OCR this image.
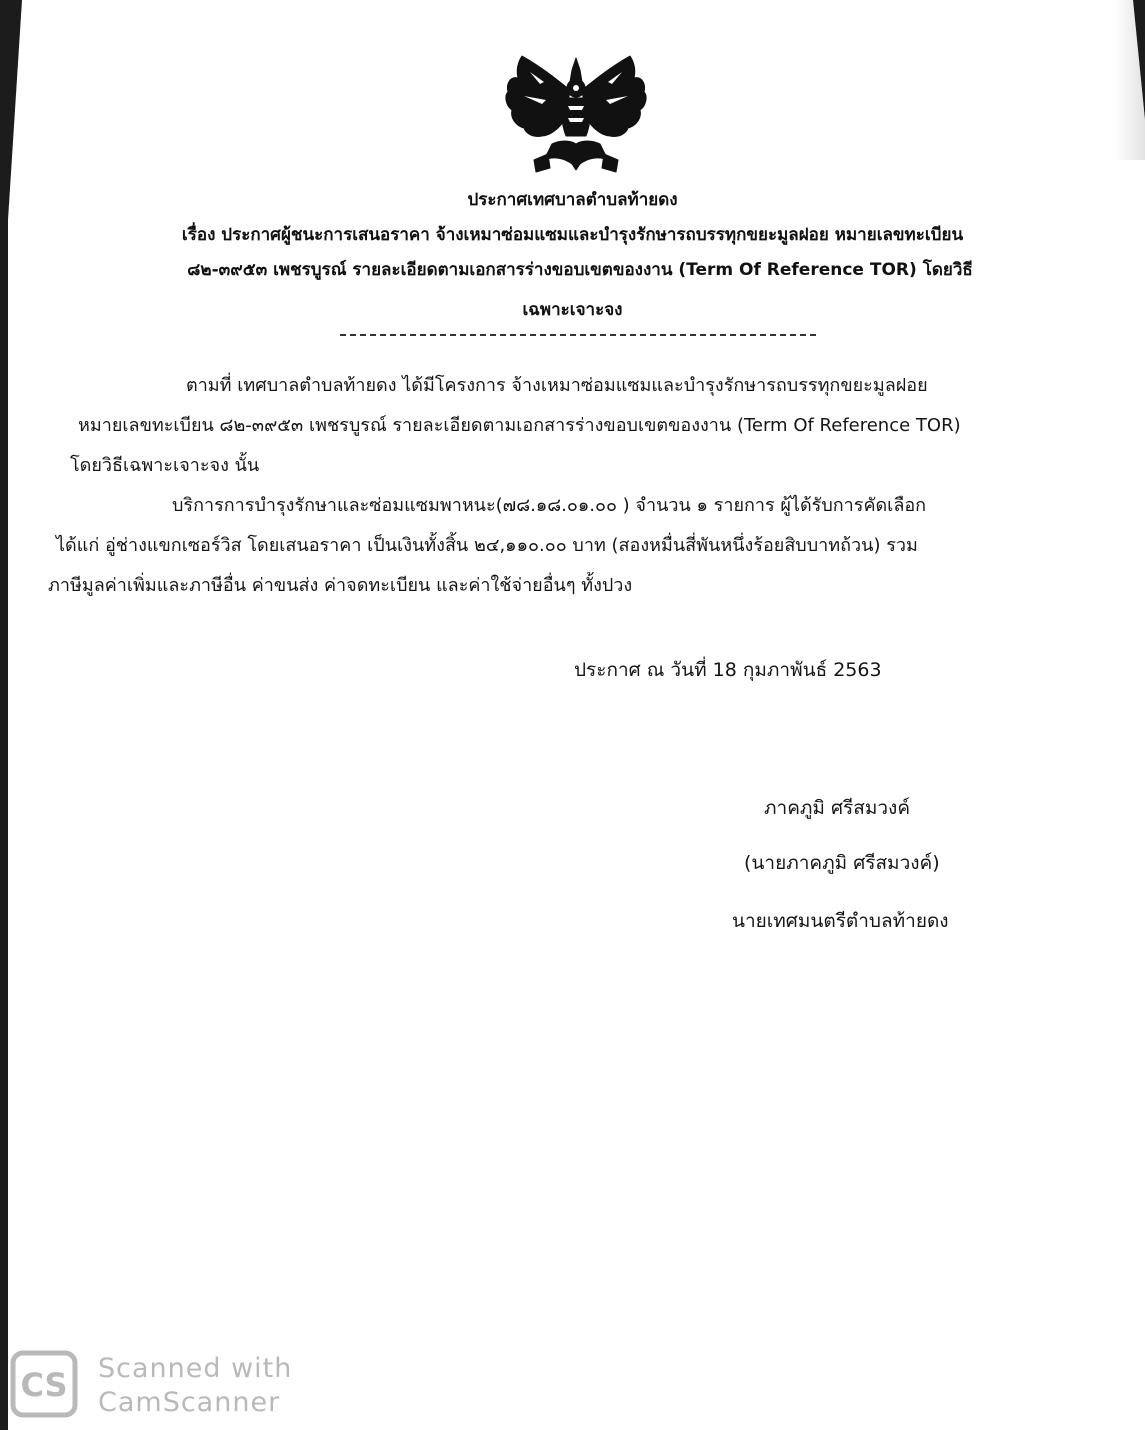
ประกาศเทศบาลตำบลท้ายดง
เรื่อง ประกาศผู้ชนะการเสนอราคา จ้างเหมาซ่อมแซมและบำรุงรักษารถบรรทุกขยะมูลฝอย หมายเลขทะเบียน
๘๒-๓๙๕๓ เพชรบูรณ์ รายละเอียดตามเอกสารร่างขอบเขตของงาน (Term Of Reference TOR) โดยวิธี
เฉพาะเจาะจง
ตามที่ เทศบาลตำบลท้ายดง ได้มีโครงการ จ้างเหมาซ่อมแซมและบำรุงรักษารถบรรทุกขยะมูลฝอย
หมายเลขทะเบียน ๘๒-๓๙๕๓ เพชรบูรณ์ รายละเอียดตามเอกสารร่างขอบเขตของงาน (Term Of Reference TOR)
โดยวิธีเฉพาะเจาะจง นั้น
บริการการบำรุงรักษาและซ่อมแซมพาหนะ(๗๘.๑๘.๐๑.๐๐ ) จำนวน ๑ รายการ ผู้ได้รับการคัดเลือก
ได้แก่ อู่ช่างแขกเซอร์วิส โดยเสนอราคา เป็นเงินทั้งสิ้น ๒๔,๑๑๐.๐๐ บาท (สองหมื่นสี่พันหนึ่งร้อยสิบบาทถ้วน) รวม
ภาษีมูลค่าเพิ่มและภาษีอื่น ค่าขนส่ง ค่าจดทะเบียน และค่าใช้จ่ายอื่นๆ ทั้งปวง
ประกาศ ณ วันที่ 18 กุมภาพันธ์ 2563
ภาคภูมิ ศรีสมวงค์
(นายภาคภูมิ ศรีสมวงค์)
นายเทศมนตรีตำบลท้ายดง
CS Scanned with
CamScanner
